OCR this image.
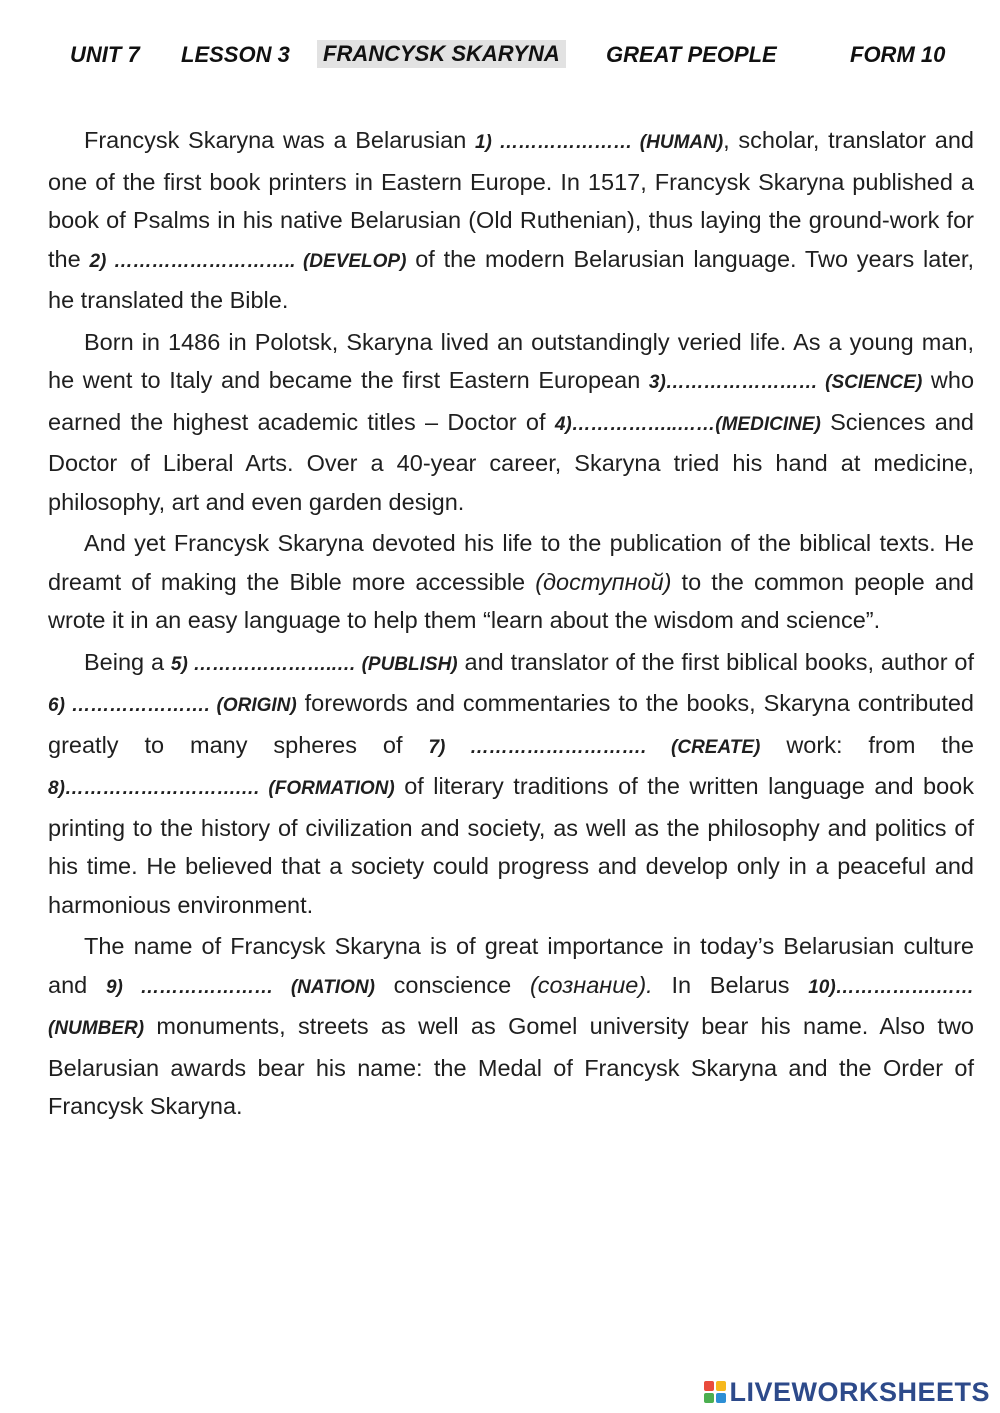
UNIT 7 LESSON 3 FRANCYSK SKARYNA GREAT PEOPLE	FORM 10

Francysk Skaryna was a Belarusian 1) ………………… (HUMAN), scholar, translator and one of the first book printers in Eastern Europe. In 1517, Francysk Skaryna published a book of Psalms in his native Belarusian (Old Ruthenian), thus laying the ground-work for the 2) ……………………….. (DEVELOP) of the modern Belarusian language. Two years later, he translated the Bible.

Born in 1486 in Polotsk, Skaryna lived an outstandingly veried life. As a young man, he went to Italy and became the first Eastern European 3)…………………… (SCIENCE) who earned the highest academic titles – Doctor of 4)……………..……(MEDICINE) Sciences and Doctor of Liberal Arts. Over a 40-year career, Skaryna tried his hand at medicine, philosophy, art and even garden design.

And yet Francysk Skaryna devoted his life to the publication of the biblical texts. He dreamt of making the Bible more accessible (доступной) to the common people and wrote it in an easy language to help them “learn about the wisdom and science”.

Being a 5) …………………..… (PUBLISH) and translator of the first biblical books, author of 6) …………………. (ORIGIN) forewords and commentaries to the books, Skaryna contributed greatly to many spheres of 7) ………………………. (CREATE) work: from the 8)……………………….… (FORMATION) of literary traditions of the written language and book printing to the history of civilization and society, as well as the philosophy and politics of his time. He believed that a society could progress and develop only in a peaceful and harmonious environment.

The name of Francysk Skaryna is of great importance in today’s Belarusian culture and 9) ………………… (NATION) conscience (сознание). In Belarus 10)…………….…… (NUMBER) monuments, streets as well as Gomel university bear his name. Also two Belarusian awards bear his name: the Medal of Francysk Skaryna and the Order of Francysk Skaryna.

LIVEWORKSHEETS
